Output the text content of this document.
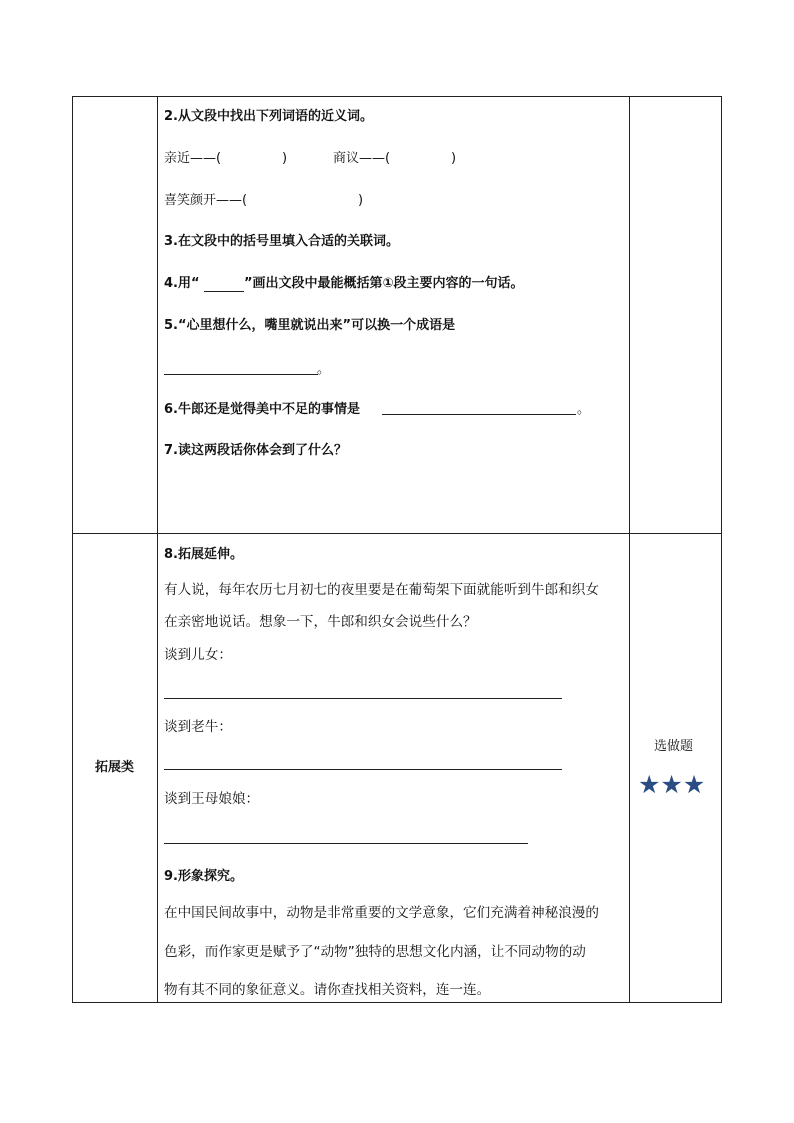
2.从文段中找出下列词语的近义词。
亲近——(	)	商议——(	)
喜笑颜开——(	)
3.在文段中的括号里填入合适的关联词。
4.用“	”画出文段中最能概括第①段主要内容的一句话。
5.“心里想什么，嘴里就说出来”可以换一个成语是
。
6.牛郎还是觉得美中不足的事情是	。
7.读这两段话你体会到了什么？
拓展类
8.拓展延伸。
有人说，每年农历七月初七的夜里要是在葡萄架下面就能听到牛郎和织女
在亲密地说话。想象一下，牛郎和织女会说些什么？
谈到儿女：
谈到老牛：
谈到王母娘娘：
9.形象探究。
在中国民间故事中，动物是非常重要的文学意象，它们充满着神秘浪漫的
色彩，而作家更是赋予了“动物”独特的思想文化内涵，让不同动物的动
物有其不同的象征意义。请你查找相关资料，连一连。
选做题
★★★
